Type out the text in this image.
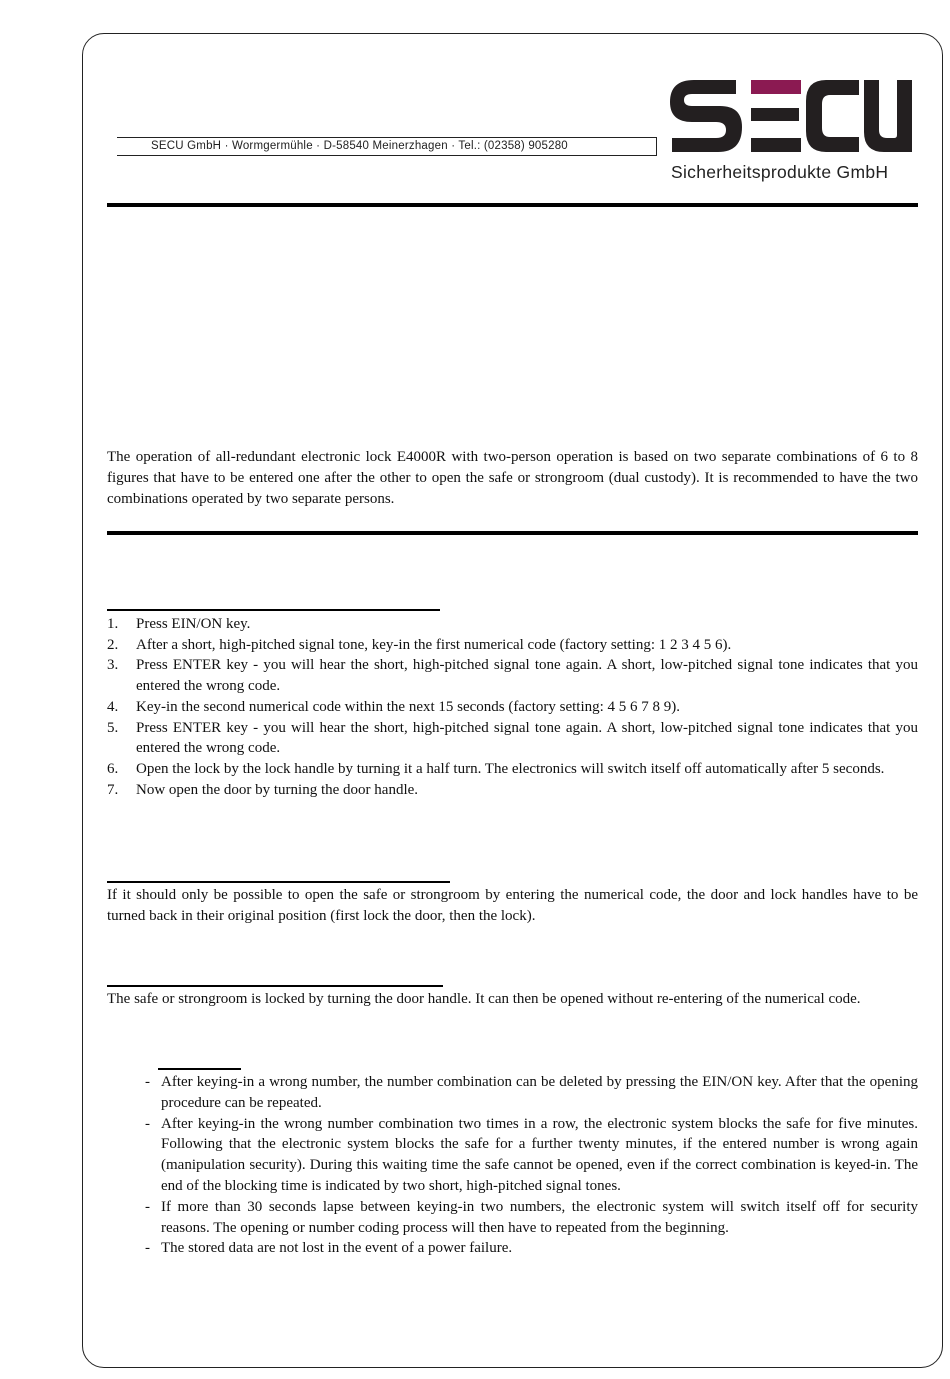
SECU GmbH · Wormgermühle · D-58540 Meinerzhagen · Tel.: (02358) 905280
Sicherheitsprodukte GmbH

The operation of all-redundant electronic lock E4000R with two-person operation is based on two separate combinations of 6 to 8 figures that have to be entered one after the other to open the safe or strongroom (dual custody). It is recommended to have the two combinations operated by two separate persons.

1. Press EIN/ON key.
2. After a short, high-pitched signal tone, key-in the first numerical code (factory setting: 1 2 3 4 5 6).
3. Press ENTER key - you will hear the short, high-pitched signal tone again. A short, low-pitched signal tone indicates that you entered the wrong code.
4. Key-in the second numerical code within the next 15 seconds (factory setting: 4 5 6 7 8 9).
5. Press ENTER key - you will hear the short, high-pitched signal tone again. A short, low-pitched signal tone indicates that you entered the wrong code.
6. Open the lock by the lock handle by turning it a half turn. The electronics will switch itself off automatically after 5 seconds.
7. Now open the door by turning the door handle.

If it should only be possible to open the safe or strongroom by entering the numerical code, the door and lock handles have to be turned back in their original position (first lock the door, then the lock).

The safe or strongroom is locked by turning the door handle. It can then be opened without re-entering of the numerical code.

- After keying-in a wrong number, the number combination can be deleted by pressing the EIN/ON key. After that the opening procedure can be repeated.
- After keying-in the wrong number combination two times in a row, the electronic system blocks the safe for five minutes. Following that the electronic system blocks the safe for a further twenty minutes, if the entered number is wrong again (manipulation security). During this waiting time the safe cannot be opened, even if the correct combination is keyed-in. The end of the blocking time is indicated by two short, high-pitched signal tones.
- If more than 30 seconds lapse between keying-in two numbers, the electronic system will switch itself off for security reasons. The opening or number coding process will then have to repeated from the beginning.
- The stored data are not lost in the event of a power failure.
